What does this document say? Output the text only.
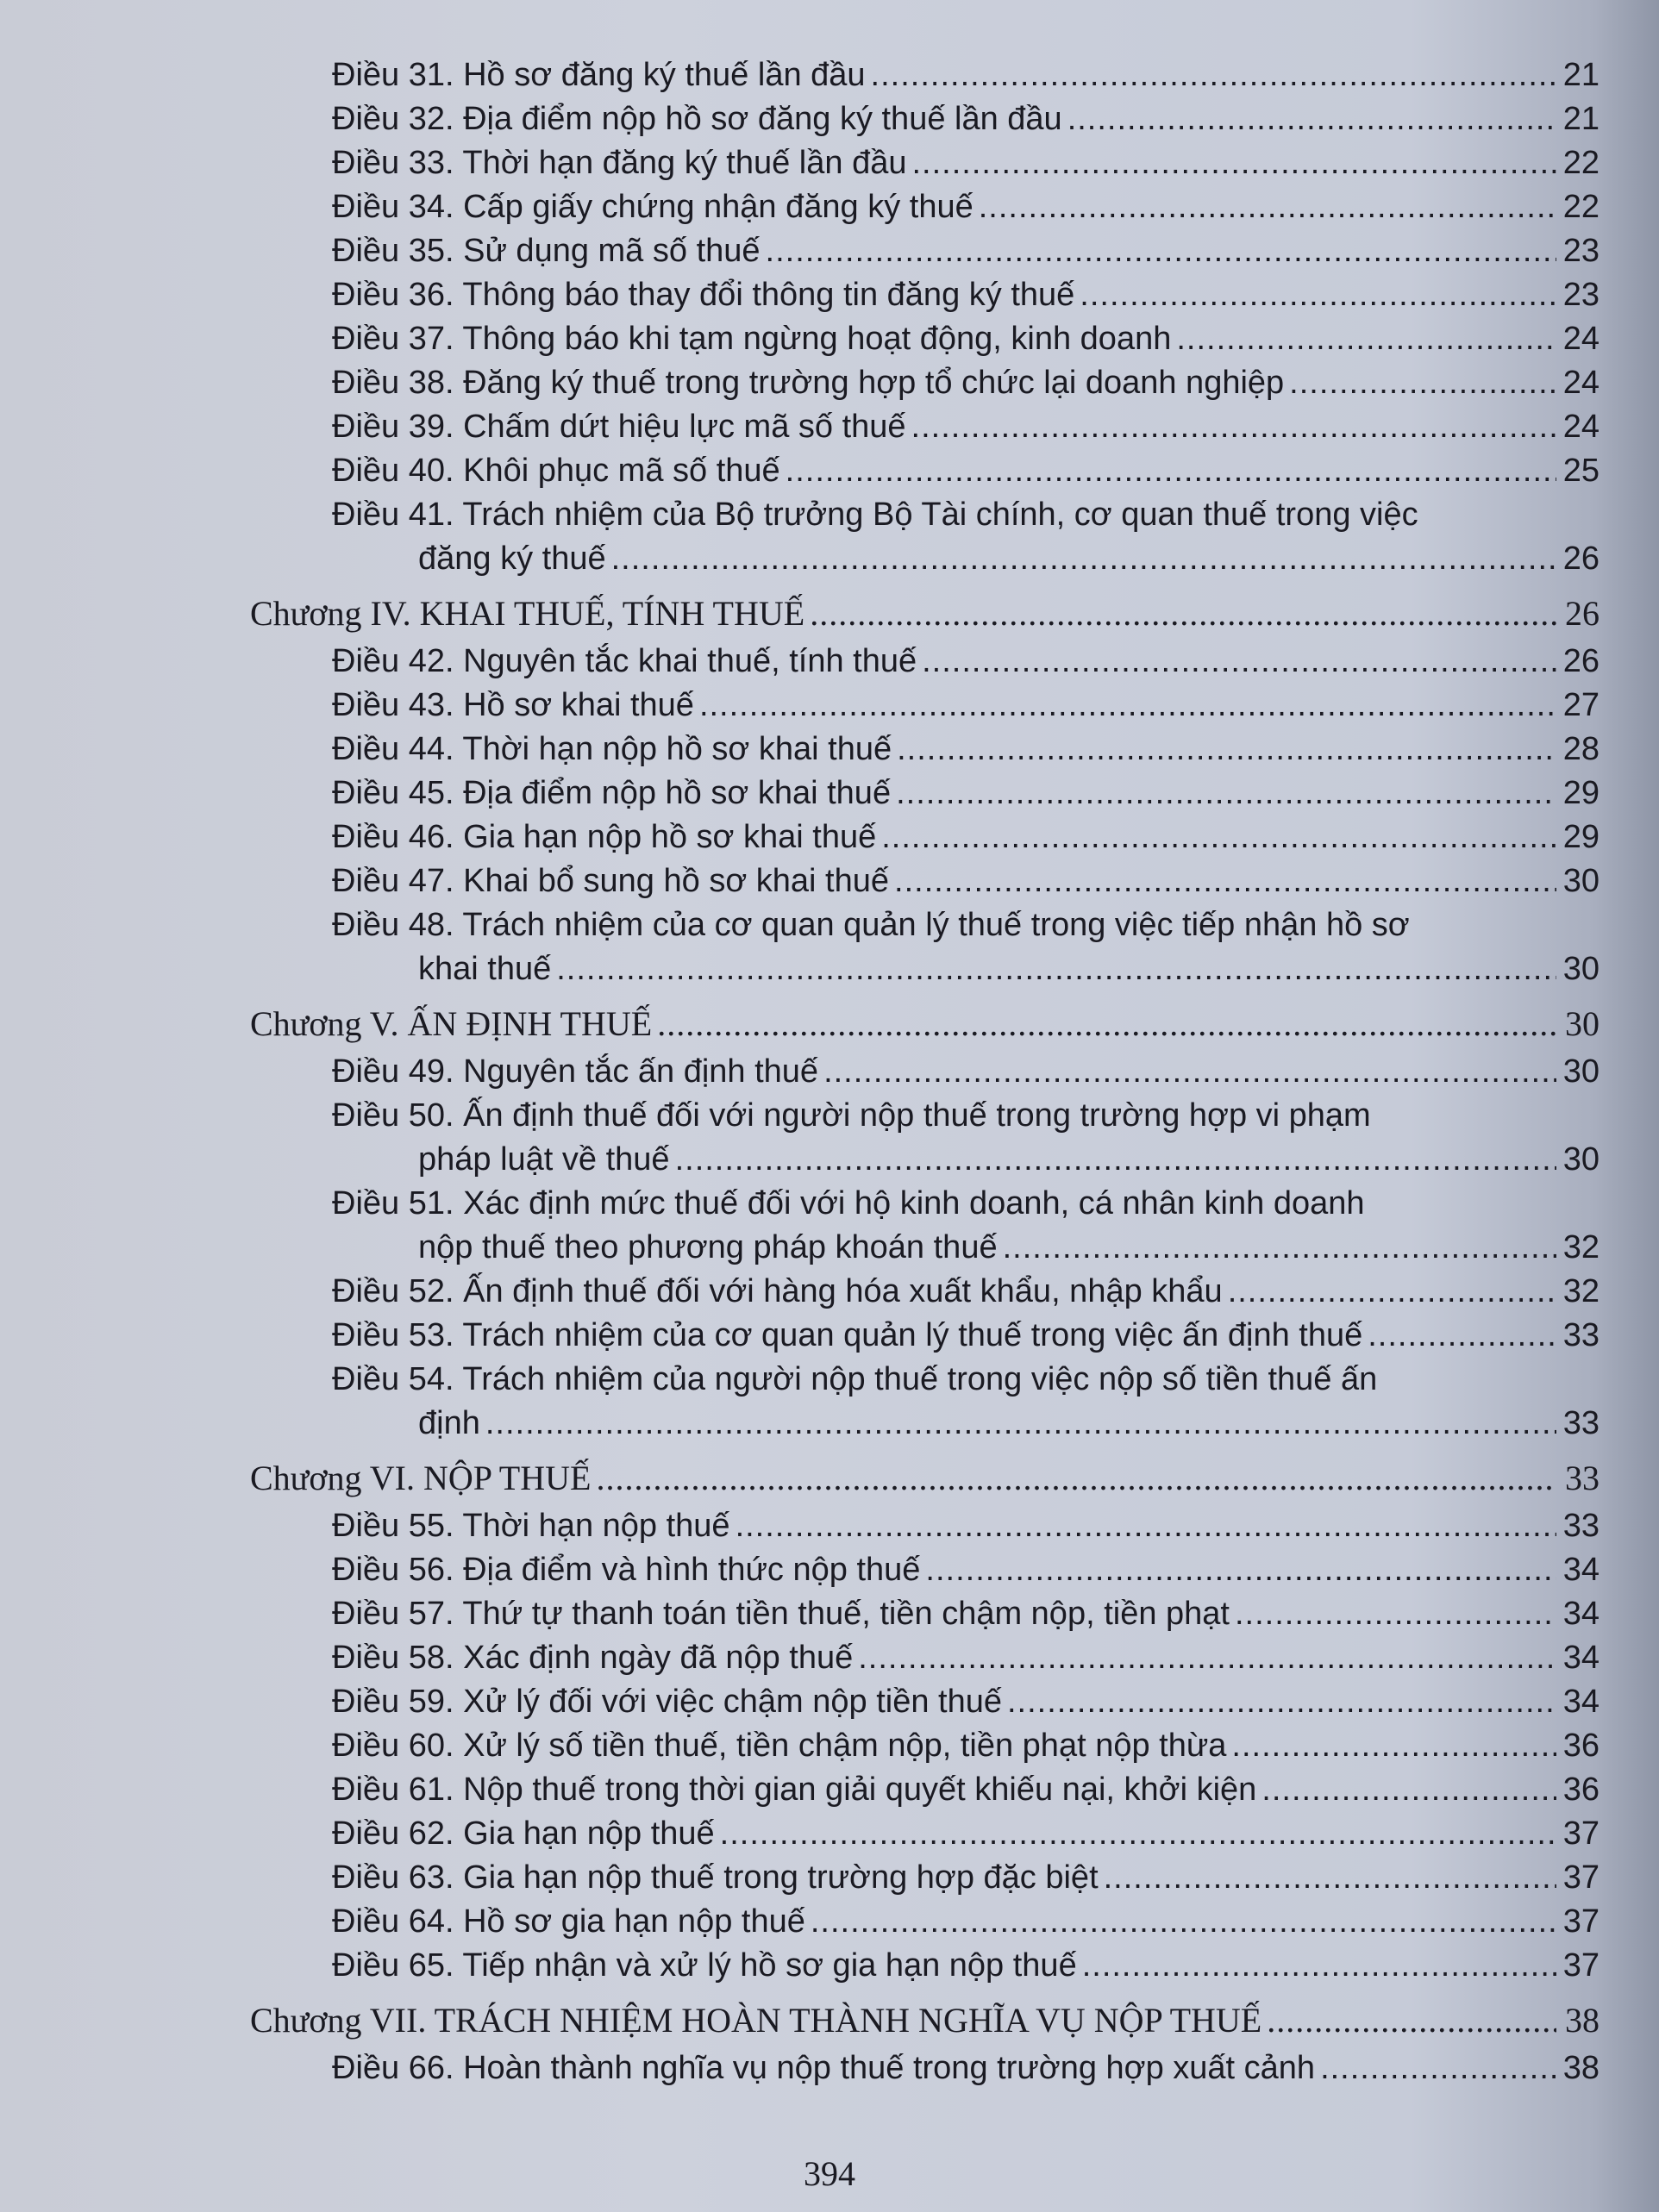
Điều 31. Hồ sơ đăng ký thuế lần đầu .....	21
Điều 32. Địa điểm nộp hồ sơ đăng ký thuế lần đầu .....	21
Điều 33. Thời hạn đăng ký thuế lần đầu .....	22
Điều 34. Cấp giấy chứng nhận đăng ký thuế .....	22
Điều 35. Sử dụng mã số thuế .....	23
Điều 36. Thông báo thay đổi thông tin đăng ký thuế .....	23
Điều 37. Thông báo khi tạm ngừng hoạt động, kinh doanh .....	24
Điều 38. Đăng ký thuế trong trường hợp tổ chức lại doanh nghiệp .....	24
Điều 39. Chấm dứt hiệu lực mã số thuế .....	24
Điều 40. Khôi phục mã số thuế .....	25
Điều 41. Trách nhiệm của Bộ trưởng Bộ Tài chính, cơ quan thuế trong việc
đăng ký thuế .....	26
Chương IV. KHAI THUẾ, TÍNH THUẾ .....	26
Điều 42. Nguyên tắc khai thuế, tính thuế .....	26
Điều 43. Hồ sơ khai thuế .....	27
Điều 44. Thời hạn nộp hồ sơ khai thuế .....	28
Điều 45. Địa điểm nộp hồ sơ khai thuế .....	29
Điều 46. Gia hạn nộp hồ sơ khai thuế .....	29
Điều 47. Khai bổ sung hồ sơ khai thuế .....	30
Điều 48. Trách nhiệm của cơ quan quản lý thuế trong việc tiếp nhận hồ sơ
khai thuế .....	30
Chương V. ẤN ĐỊNH THUẾ .....	30
Điều 49. Nguyên tắc ấn định thuế .....	30
Điều 50. Ấn định thuế đối với người nộp thuế trong trường hợp vi phạm
pháp luật về thuế .....	30
Điều 51. Xác định mức thuế đối với hộ kinh doanh, cá nhân kinh doanh
nộp thuế theo phương pháp khoán thuế .....	32
Điều 52. Ấn định thuế đối với hàng hóa xuất khẩu, nhập khẩu .....	32
Điều 53. Trách nhiệm của cơ quan quản lý thuế trong việc ấn định thuế .....	33
Điều 54. Trách nhiệm của người nộp thuế trong việc nộp số tiền thuế ấn
định .....	33
Chương VI. NỘP THUẾ .....	33
Điều 55. Thời hạn nộp thuế .....	33
Điều 56. Địa điểm và hình thức nộp thuế .....	34
Điều 57. Thứ tự thanh toán tiền thuế, tiền chậm nộp, tiền phạt .....	34
Điều 58. Xác định ngày đã nộp thuế .....	34
Điều 59. Xử lý đối với việc chậm nộp tiền thuế .....	34
Điều 60. Xử lý số tiền thuế, tiền chậm nộp, tiền phạt nộp thừa .....	36
Điều 61. Nộp thuế trong thời gian giải quyết khiếu nại, khởi kiện .....	36
Điều 62. Gia hạn nộp thuế .....	37
Điều 63. Gia hạn nộp thuế trong trường hợp đặc biệt .....	37
Điều 64. Hồ sơ gia hạn nộp thuế .....	37
Điều 65. Tiếp nhận và xử lý hồ sơ gia hạn nộp thuế .....	37
Chương VII. TRÁCH NHIỆM HOÀN THÀNH NGHĨA VỤ NỘP THUẾ .....	38
Điều 66. Hoàn thành nghĩa vụ nộp thuế trong trường hợp xuất cảnh .....	38
394
